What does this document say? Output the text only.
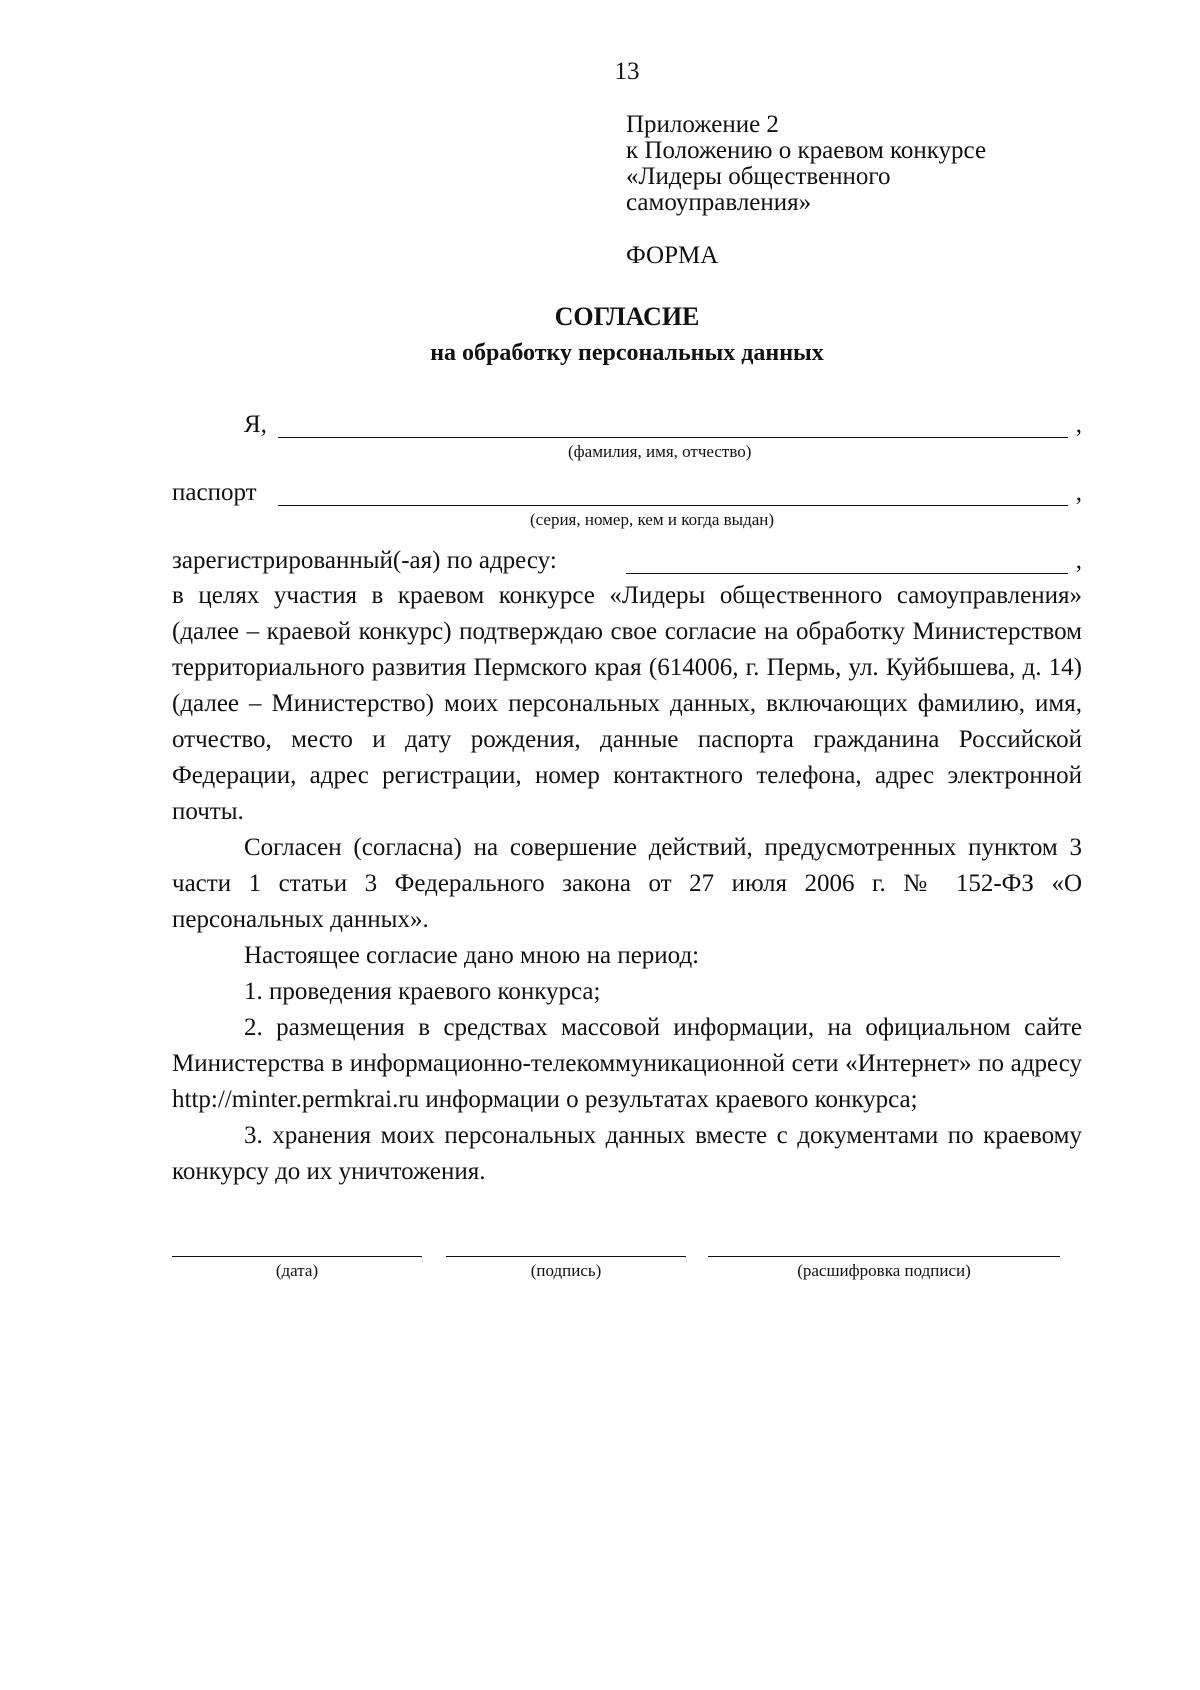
13
Приложение 2
к Положению о краевом конкурсе
«Лидеры общественного
самоуправления»
ФОРМА
СОГЛАСИЕ
на обработку персональных данных
Я,	,
(фамилия, имя, отчество)
паспорт	,
(серия, номер, кем и когда выдан)
зарегистрированный(-ая) по адресу:	,

в целях участия в краевом конкурсе «Лидеры общественного самоуправления» (далее – краевой конкурс) подтверждаю свое согласие на обработку Министерством территориального развития Пермского края (614006, г. Пермь, ул. Куйбышева, д. 14) (далее – Министерство) моих персональных данных, включающих фамилию, имя, отчество, место и дату рождения, данные паспорта гражданина Российской Федерации, адрес регистрации, номер контактного телефона, адрес электронной почты.

Согласен (согласна) на совершение действий, предусмотренных пунктом 3 части 1 статьи 3 Федерального закона от 27 июля 2006 г. № 152-ФЗ «О персональных данных».

Настоящее согласие дано мною на период:

1. проведения краевого конкурса;

2. размещения в средствах массовой информации, на официальном сайте Министерства в информационно-телекоммуникационной сети «Интернет» по адресу http://minter.permkrai.ru информации о результатах краевого конкурса;

3. хранения моих персональных данных вместе с документами по краевому конкурсу до их уничтожения.

(дата)	(подпись)	(расшифровка подписи)
